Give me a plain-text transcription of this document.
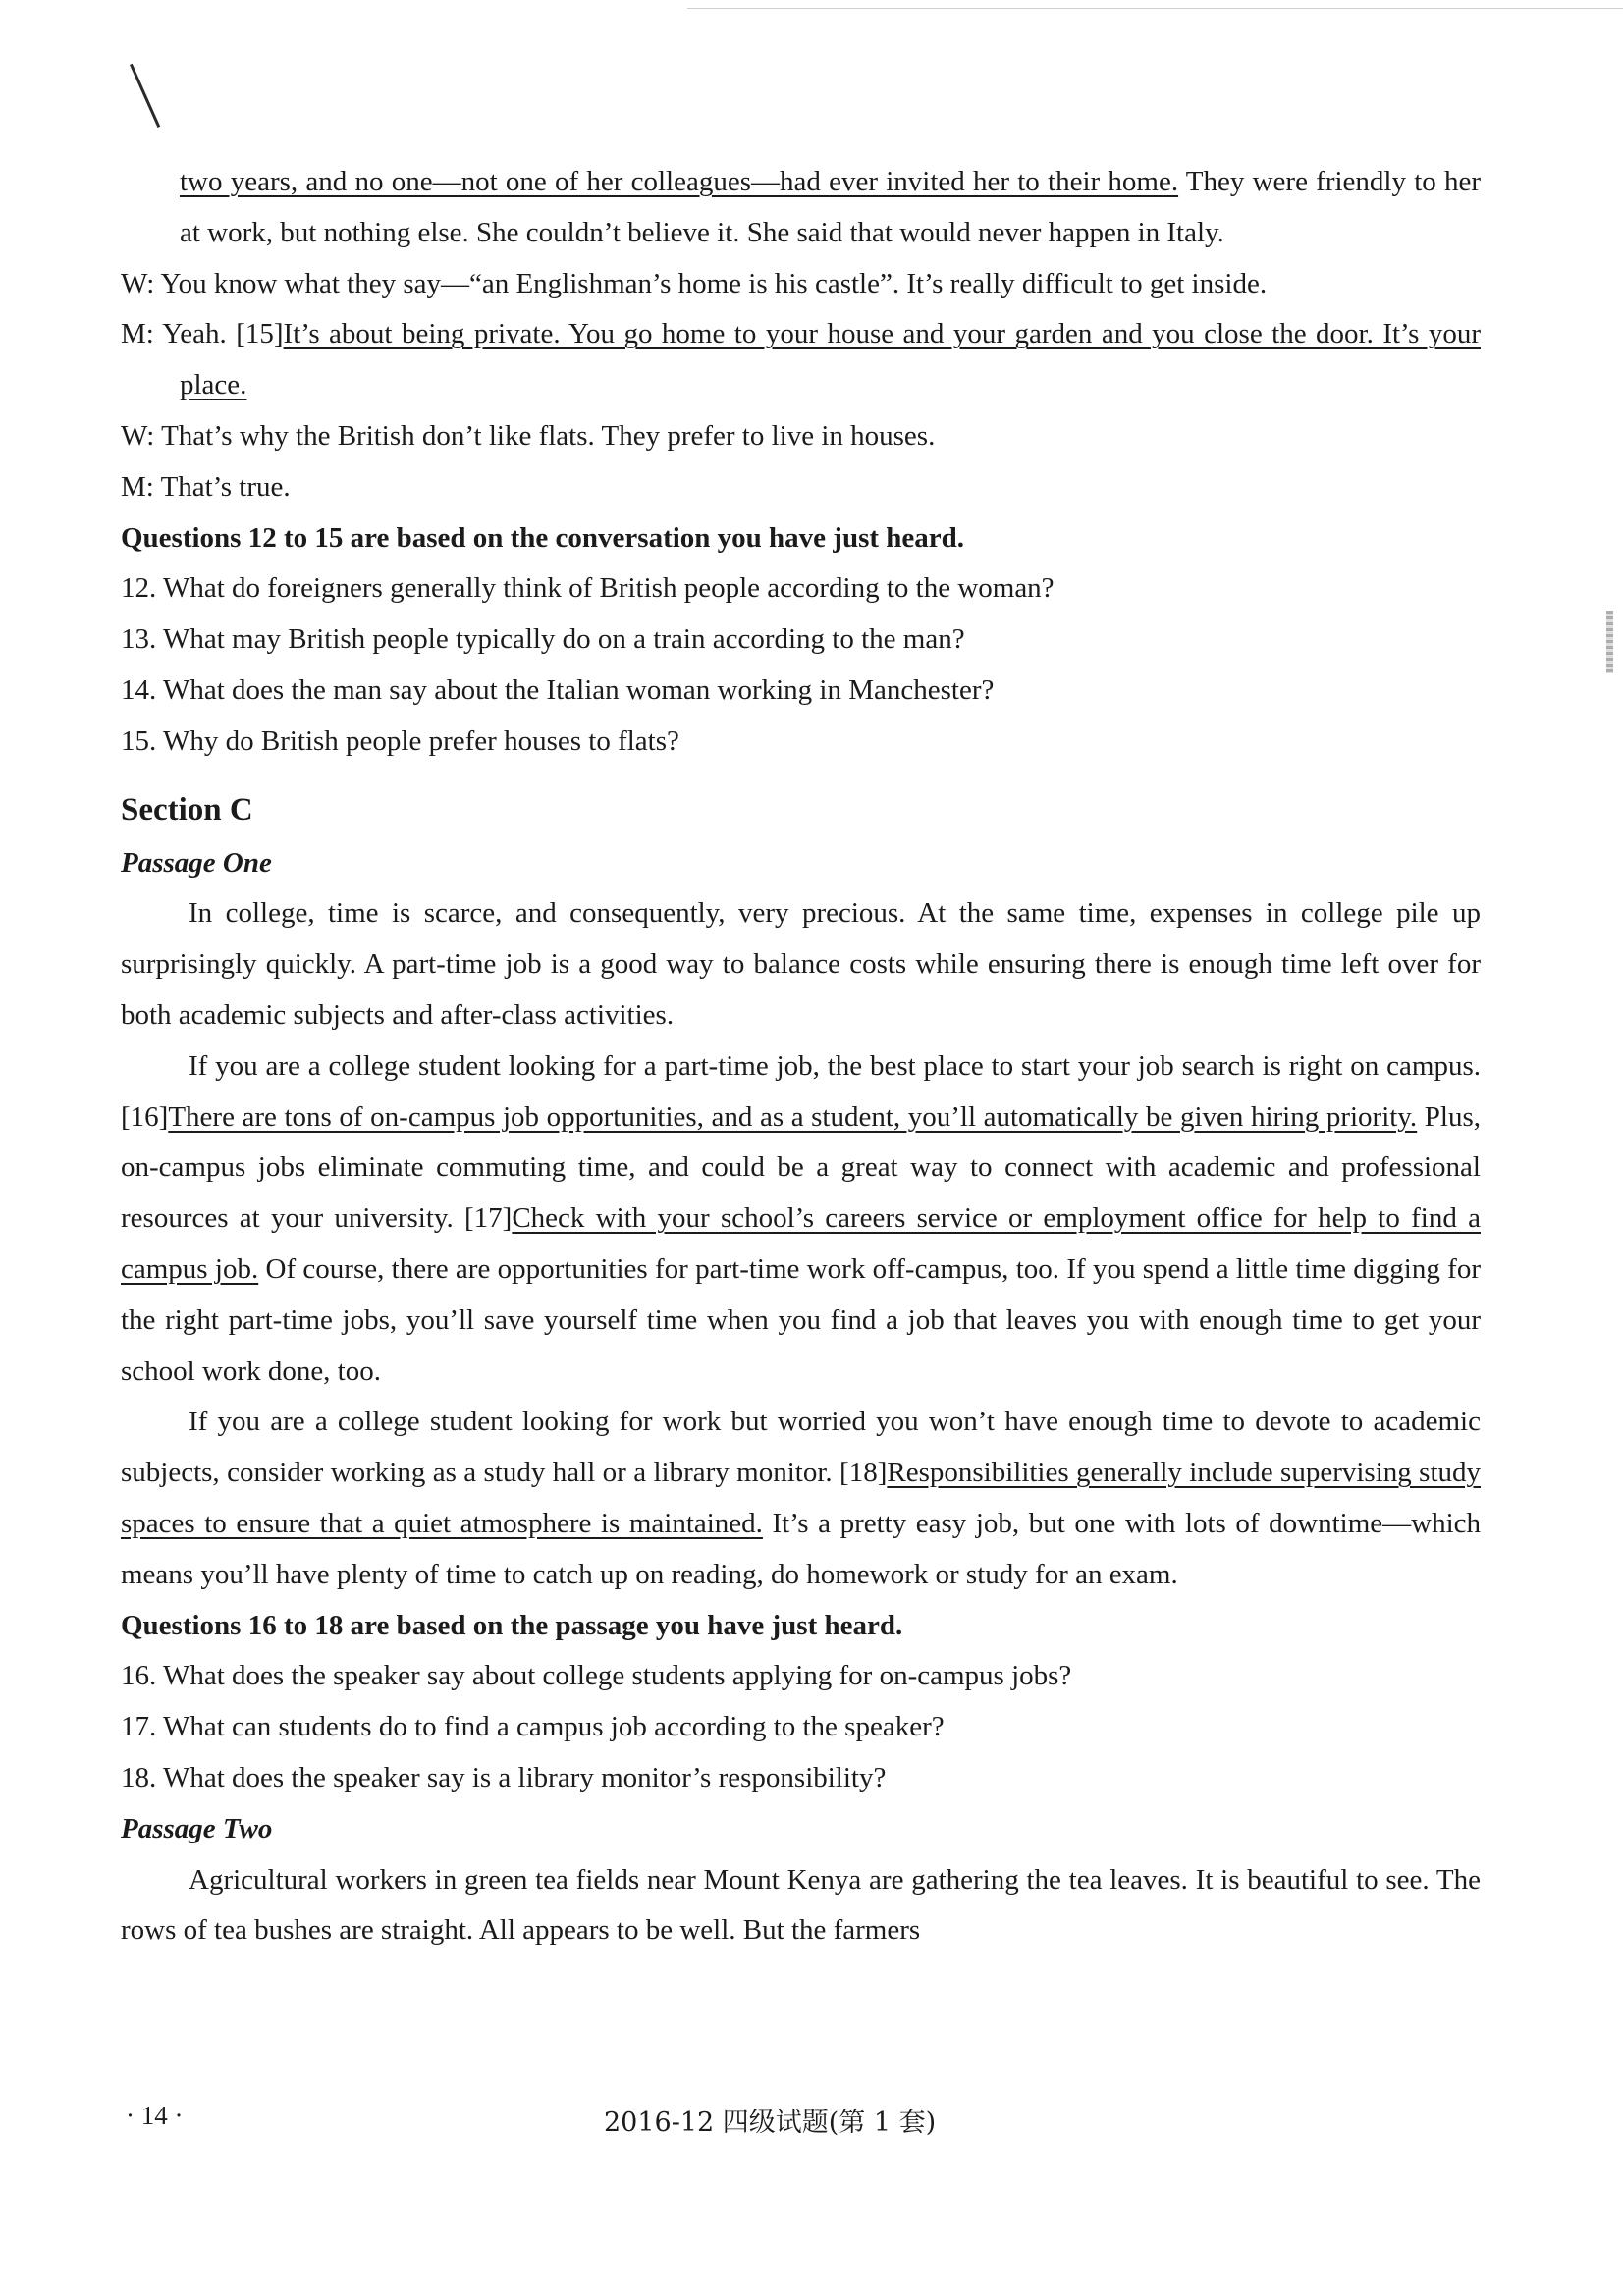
two years, and no one—not one of her colleagues—had ever invited her to their home. They were friendly to her at work, but nothing else. She couldn’t believe it. She said that would never happen in Italy.

W: You know what they say—“an Englishman’s home is his castle”. It’s really difficult to get inside.

M: Yeah. [15]It’s about being private. You go home to your house and your garden and you close the door. It’s your place.

W: That’s why the British don’t like flats. They prefer to live in houses.

M: That’s true.

Questions 12 to 15 are based on the conversation you have just heard.

12. What do foreigners generally think of British people according to the woman?

13. What may British people typically do on a train according to the man?

14. What does the man say about the Italian woman working in Manchester?

15. Why do British people prefer houses to flats?

Section C

Passage One

In college, time is scarce, and consequently, very precious. At the same time, expenses in college pile up surprisingly quickly. A part-time job is a good way to balance costs while ensuring there is enough time left over for both academic subjects and after-class activities.

If you are a college student looking for a part-time job, the best place to start your job search is right on campus. [16]There are tons of on-campus job opportunities, and as a student, you’ll automatically be given hiring priority. Plus, on-campus jobs eliminate commuting time, and could be a great way to connect with academic and professional resources at your university. [17]Check with your school’s careers service or employment office for help to find a campus job. Of course, there are opportunities for part-time work off-campus, too. If you spend a little time digging for the right part-time jobs, you’ll save yourself time when you find a job that leaves you with enough time to get your school work done, too.

If you are a college student looking for work but worried you won’t have enough time to devote to academic subjects, consider working as a study hall or a library monitor. [18]Responsibilities generally include supervising study spaces to ensure that a quiet atmosphere is maintained. It’s a pretty easy job, but one with lots of downtime—which means you’ll have plenty of time to catch up on reading, do homework or study for an exam.

Questions 16 to 18 are based on the passage you have just heard.

16. What does the speaker say about college students applying for on-campus jobs?

17. What can students do to find a campus job according to the speaker?

18. What does the speaker say is a library monitor’s responsibility?

Passage Two

Agricultural workers in green tea fields near Mount Kenya are gathering the tea leaves. It is beautiful to see. The rows of tea bushes are straight. All appears to be well. But the farmers

· 14 ·	2016-12 四级试题(第 1 套)
